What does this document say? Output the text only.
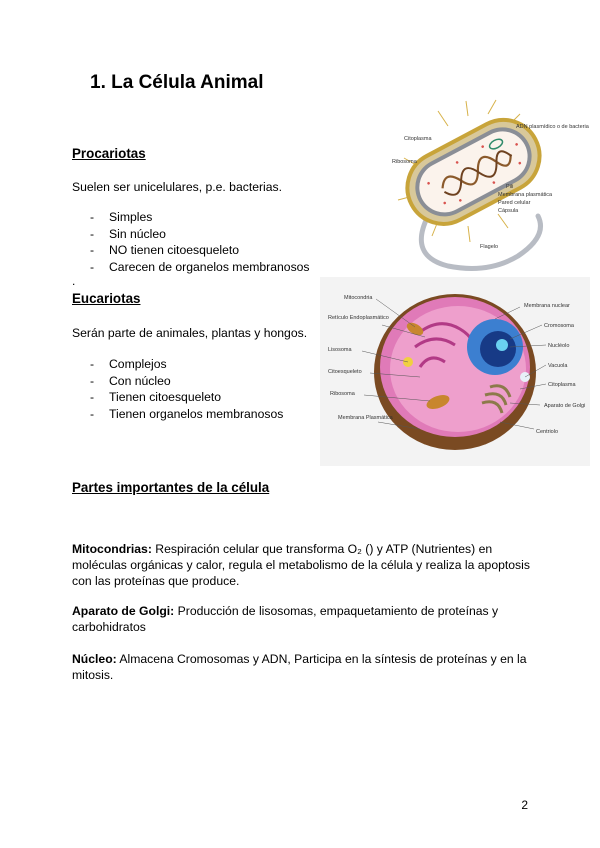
1. La Célula Animal
Procariotas
Suelen ser unicelulares, p.e. bacterias.
- Simples
- Sin núcleo
- NO tienen citoesqueleto
- Carecen de organelos membranosos
.
Eucariotas
Serán parte de animales, plantas y hongos.
- Complejos
- Con núcleo
- Tienen citoesqueleto
- Tienen organelos membranosos
Partes importantes de la célula
Mitocondrias: Respiración celular que transforma O₂ () y ATP (Nutrientes) en moléculas orgánicas y calor, regula el metabolismo de la célula y realiza la apoptosis con las proteínas que produce.
Aparato de Golgi: Producción de lisosomas, empaquetamiento de proteínas y carbohidratos
Núcleo: Almacena Cromosomas y ADN, Participa en la síntesis de proteínas y en la mitosis.
Citoplasma
Ribosoma
ADN plasmídico o de bacteria
Pili
Membrana plasmática
Pared celular
Cápsula
Flagelo
Mitocondria
Retículo Endoplasmático
Lisosoma
Citoesqueleto
Ribosoma
Membrana Plasmática
Membrana nuclear
Cromosoma
Nucléolo
Vacuola
Citoplasma
Aparato de Golgi
Centriolo
2
